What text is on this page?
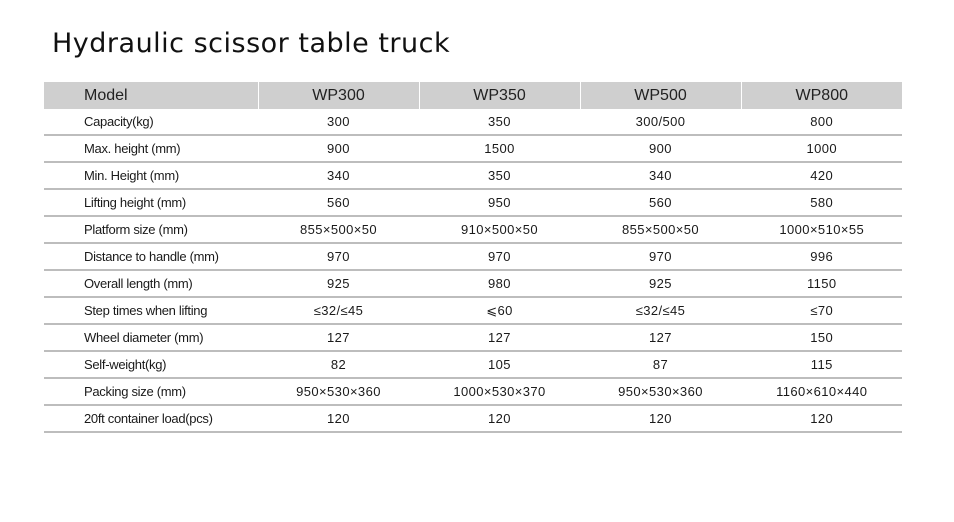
Hydraulic scissor table truck
Model	WP300	WP350	WP500	WP800
Capacity(kg)	300	350	300/500	800
Max. height (mm)	900	1500	900	1000
Min. Height (mm)	340	350	340	420
Lifting height (mm)	560	950	560	580
Platform size (mm)	855×500×50	910×500×50	855×500×50	1000×510×55
Distance to handle (mm)	970	970	970	996
Overall length (mm)	925	980	925	1150
Step times when lifting	≤32/≤45	⩽60	≤32/≤45	≤70
Wheel diameter (mm)	127	127	127	150
Self-weight(kg)	82	105	87	115
Packing size (mm)	950×530×360	1000×530×370	950×530×360	1160×610×440
20ft container load(pcs)	120	120	120	120
